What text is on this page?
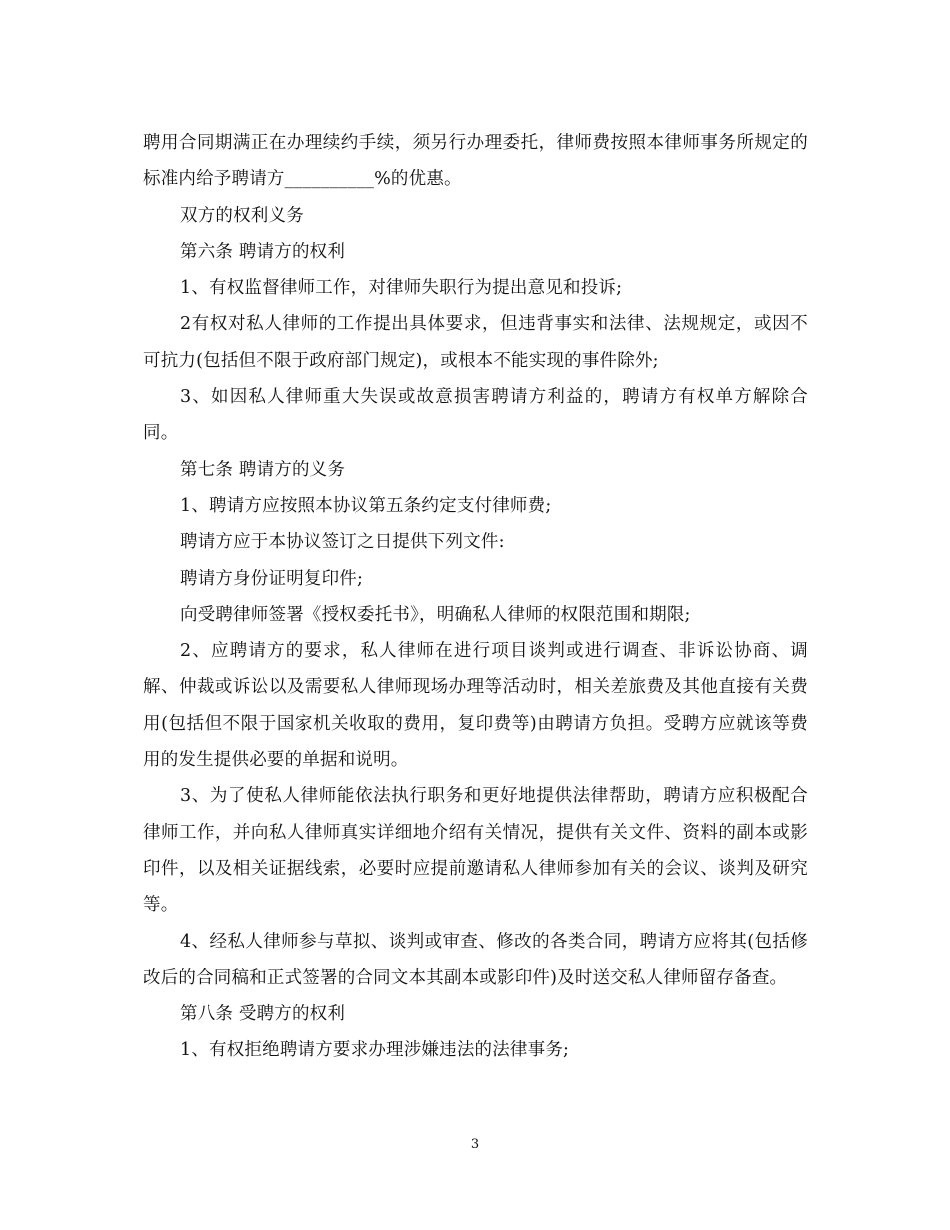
聘用合同期满正在办理续约手续，须另行办理委托，律师费按照本律师事务所规定的标准内给予聘请方__________%的优惠。

双方的权利义务

第六条 聘请方的权利

1、有权监督律师工作，对律师失职行为提出意见和投诉;

2有权对私人律师的工作提出具体要求，但违背事实和法律、法规规定，或因不可抗力(包括但不限于政府部门规定)，或根本不能实现的事件除外;

3、如因私人律师重大失误或故意损害聘请方利益的，聘请方有权单方解除合同。

第七条 聘请方的义务

1、聘请方应按照本协议第五条约定支付律师费;

聘请方应于本协议签订之日提供下列文件:

聘请方身份证明复印件;

向受聘律师签署《授权委托书》，明确私人律师的权限范围和期限;

2、应聘请方的要求，私人律师在进行项目谈判或进行调查、非诉讼协商、调解、仲裁或诉讼以及需要私人律师现场办理等活动时，相关差旅费及其他直接有关费用(包括但不限于国家机关收取的费用，复印费等)由聘请方负担。受聘方应就该等费用的发生提供必要的单据和说明。

3、为了使私人律师能依法执行职务和更好地提供法律帮助，聘请方应积极配合律师工作，并向私人律师真实详细地介绍有关情况，提供有关文件、资料的副本或影印件，以及相关证据线索，必要时应提前邀请私人律师参加有关的会议、谈判及研究等。

4、经私人律师参与草拟、谈判或审查、修改的各类合同，聘请方应将其(包括修改后的合同稿和正式签署的合同文本其副本或影印件)及时送交私人律师留存备查。

第八条 受聘方的权利

1、有权拒绝聘请方要求办理涉嫌违法的法律事务;

3
